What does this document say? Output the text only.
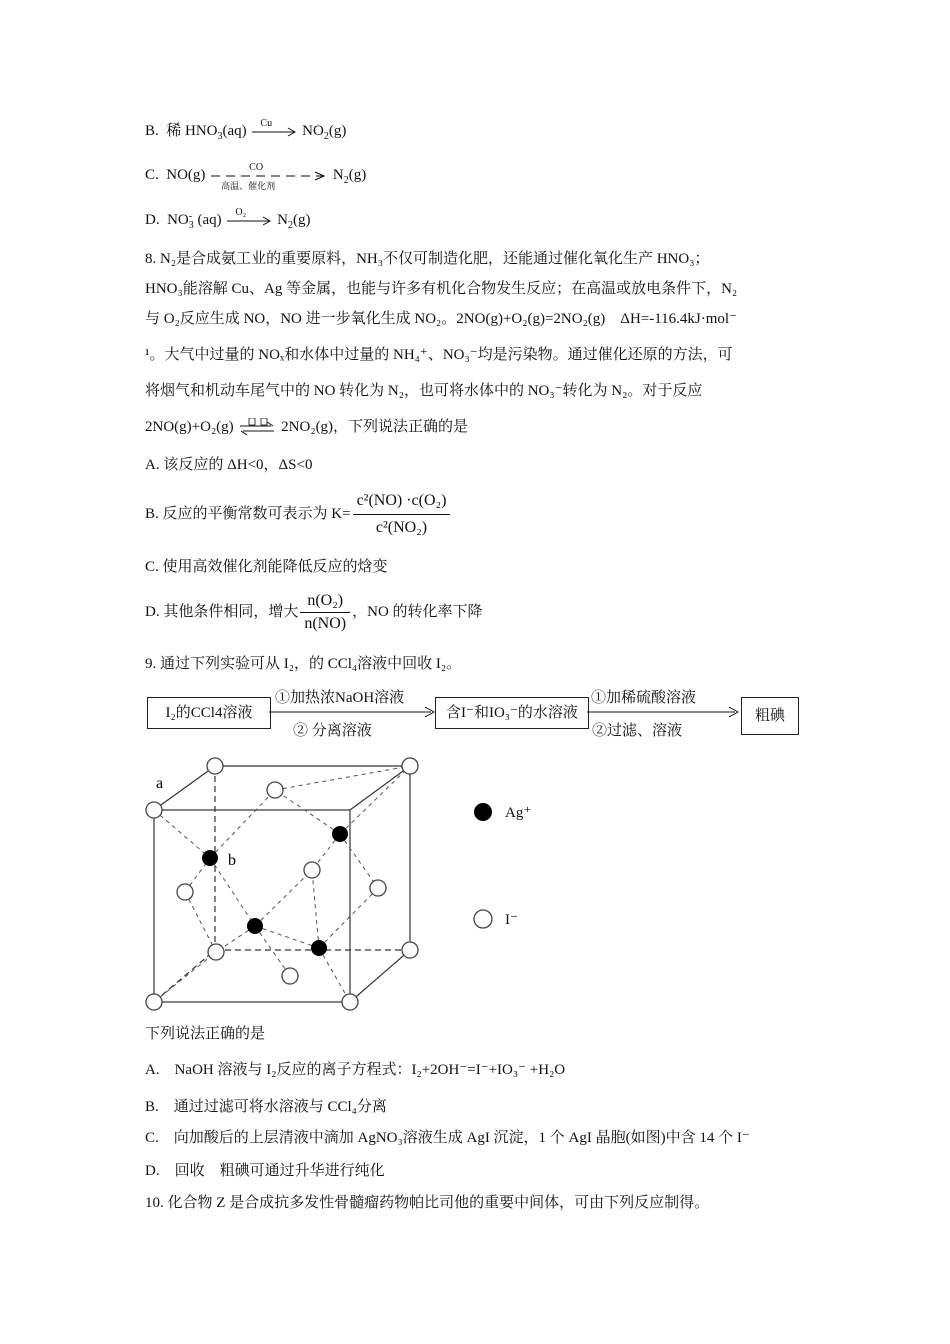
B. 稀 $HNO_3(aq)$ Cu $NO_2(g)$
C. NO(g)	CO
高温、催化剂
$N_2(g)$
D. NO-
3 (aq) O₂ $N_2(g)$
8. N₂是合成氨工业的重要原料，NH₃不仅可制造化肥，还能通过催化氧化生产 HNO₃；
HNO₃能溶解 Cu、Ag 等金属，也能与许多有机化合物发生反应；在高温或放电条件下，N₂
与 O₂反应生成 NO，NO 进一步氧化生成 NO₂。2NO(g)+O₂(g)=2NO₂(g)　ΔH=-116.4kJ·mol⁻
¹。大气中过量的 NOₓ和水体中过量的 NH₄⁺、NO₃⁻均是污染物。通过催化还原的方法，可
将烟气和机动车尾气中的 NO 转化为 N₂，也可将水体中的 NO₃⁻转化为 N₂。对于反应
2NO(g)+O₂(g) ⇌ 2NO₂(g)，下列说法正确的是
A. 该反应的 ΔH<0，ΔS<0
B. 反应的平衡常数可表示为 $K= \frac{\text{c²(NO) ·c(O₂)}}{\text{c²(NO₂)}}$
C. 使用高效催化剂能降低反应的焓变
D. 其他条件相同，增大 $\frac{\text{n(O₂)}}{n(NO)}$ ，NO 的转化率下降
9. 通过下列实验可从 I₂，的 CCl₄溶液中回收 I₂。
I₂的CCl4溶液
①加热浓NaOH溶液
② 分离溶液
含I⁻和IO₃⁻的水溶液
①加稀硫酸溶液
②过滤、溶液
粗碘
a
b
Ag⁺
I⁻
下列说法正确的是
A.　NaOH 溶液与 I₂反应的离子方程式：I₂+2OH⁻=I⁻+IO₃⁻ +H₂O
B.　通过过滤可将水溶液与 CCl₄分离
C.　向加酸后的上层清液中滴加 AgNO₃溶液生成 AgI 沉淀，1 个 AgI 晶胞(如图)中含 14 个 I⁻
D.　回收　粗碘可通过升华进行纯化
10. 化合物 Z 是合成抗多发性骨髓瘤药物帕比司他的重要中间体，可由下列反应制得。
